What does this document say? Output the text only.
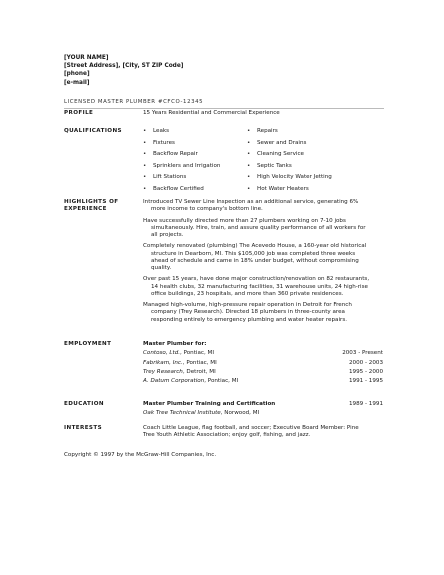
[YOUR NAME]
[Street Address], [City, ST ZIP Code]
[phone]
[e-mail]
LICENSED MASTER PLUMBER #CFCO-12345
PROFILE	15 Years Residential and Commercial Experience
QUALIFICATIONS
•	Leaks
• Fixtures
• Backflow Repair
• Sprinklers and Irrigation
• Lift Stations
• Backflow Certified
• Repairs
• Sewer and Drains
• Cleaning Service
• Septic Tanks
• High Velocity Water Jetting
• Hot Water Heaters
HIGHLIGHTS OF
EXPERIENCE
Introduced TV Sewer Line Inspection as an additional service, generating 6%
more income to company's bottom line.
Have successfully directed more than 27 plumbers working on 7-10 jobs
simultaneously. Hire, train, and assure quality performance of all workers for
all projects.
Completely renovated (plumbing) The Acevedo House, a 160-year old historical
structure in Dearborn, MI. This $105,000 job was completed three weeks
ahead of schedule and came in 18% under budget, without compromising
quality.
Over past 15 years, have done major construction/renovation on 82 restaurants,
14 health clubs, 32 manufacturing facilities, 31 warehouse units, 24 high-rise
office buildings, 23 hospitals, and more than 360 private residences.
Managed high-volume, high-pressure repair operation in Detroit for French
company (Trey Research). Directed 18 plumbers in three-county area
responding entirely to emergency plumbing and water heater repairs.
EMPLOYMENT	Master Plumber for:
Contoso, Ltd., Pontiac, MI	2003 - Present
Fabrikam, Inc., Pontiac, MI	2000 - 2003
Trey Research, Detroit, MI	1995 - 2000
A. Datum Corporation, Pontiac, MI	1991 - 1995
EDUCATION	Master Plumber Training and Certification	1989 - 1991
Oak Tree Technical Institute, Norwood, MI
INTERESTS	Coach Little League, flag football, and soccer; Executive Board Member: Pine
Tree Youth Athletic Association; enjoy golf, fishing, and jazz.
Copyright © 1997 by the McGraw-Hill Companies, Inc.
